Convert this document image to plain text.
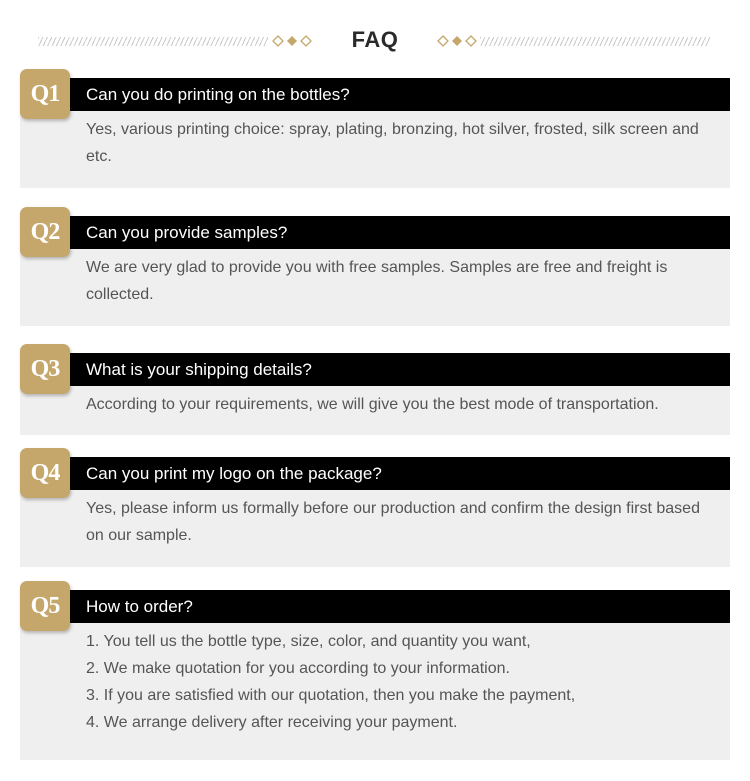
FAQ
Can you do printing on the bottles?
Q1

Yes, various printing choice: spray, plating, bronzing, hot silver, frosted, silk screen and etc.

Can you provide samples?
Q2

We are very glad to provide you with free samples. Samples are free and freight is collected.

What is your shipping details?
Q3

According to your requirements, we will give you the best mode of transportation.

Can you print my logo on the package?
Q4

Yes, please inform us formally before our production and confirm the design first based on our sample.

How to order?
Q5

1. You tell us the bottle type, size, color, and quantity you want,

2. We make quotation for you according to your information.

3. If you are satisfied with our quotation, then you make the payment,

4. We arrange delivery after receiving your payment.
